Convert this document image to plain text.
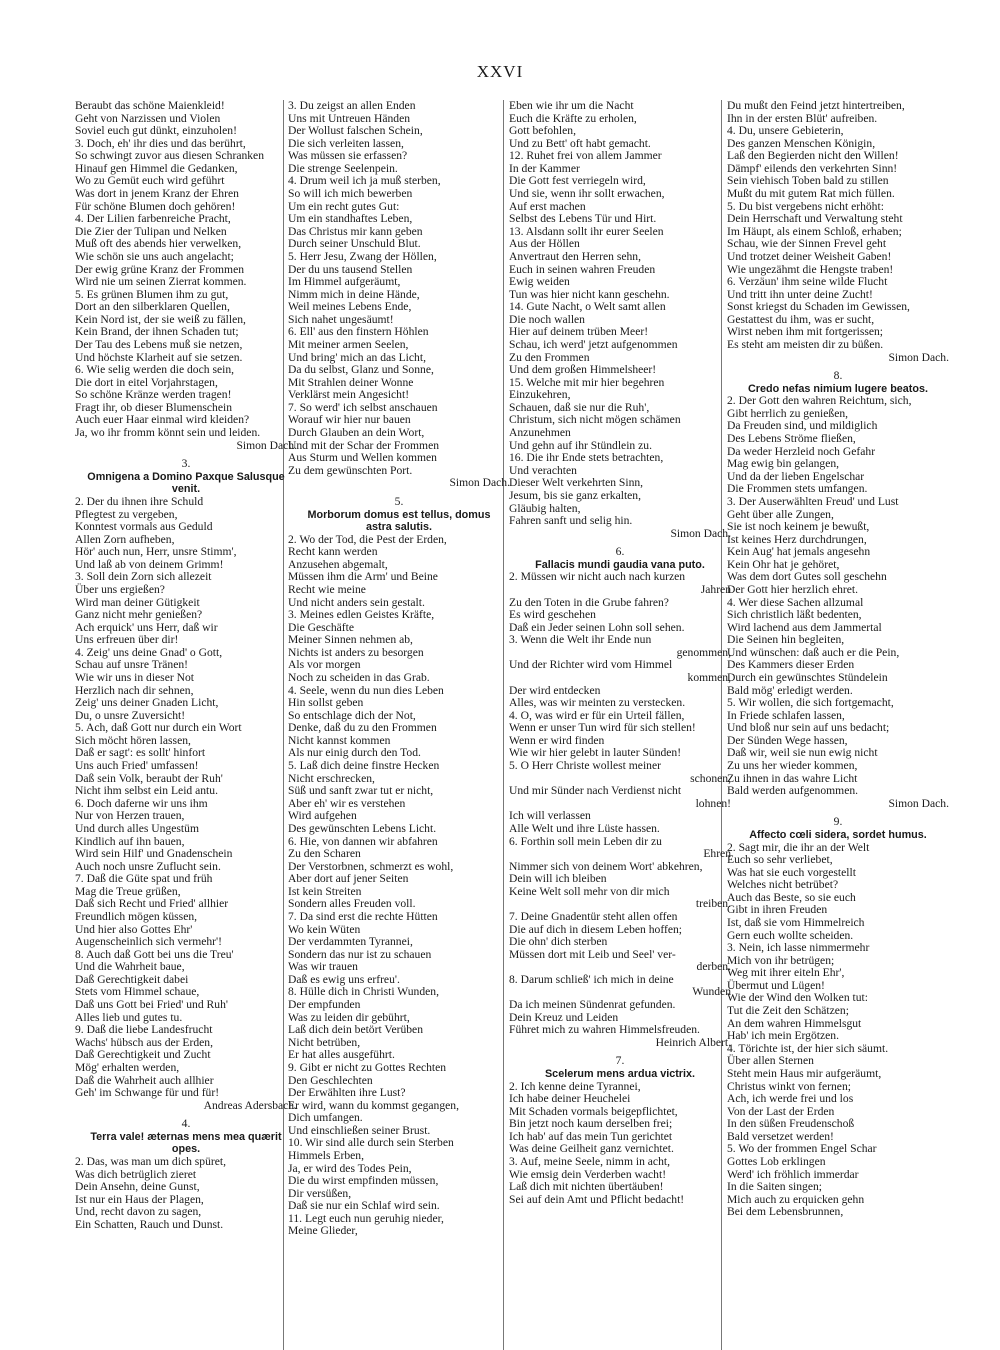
XXVI
Beraubt das schöne Maienkleid!
Geht von Narzissen und Violen
Soviel euch gut dünkt, einzuholen!
3. Doch, eh' ihr dies und das berührt,
So schwingt zuvor aus diesen Schranken
Hinauf gen Himmel die Gedanken,
Wo zu Gemüt euch wird geführt
Was dort in jenem Kranz der Ehren
Für schöne Blumen doch gehören!
4. Der Lilien farbenreiche Pracht,
Die Zier der Tulipan und Nelken
Muß oft des abends hier verwelken,
Wie schön sie uns auch angelacht;
Der ewig grüne Kranz der Frommen
Wird nie um seinen Zierrat kommen.
5. Es grünen Blumen ihm zu gut,
Dort an den silberklaren Quellen,
Kein Nord ist, der sie weiß zu fällen,
Kein Brand, der ihnen Schaden tut;
Der Tau des Lebens muß sie netzen,
Und höchste Klarheit auf sie setzen.
6. Wie selig werden die doch sein,
Die dort in eitel Vorjahrstagen,
So schöne Kränze werden tragen!
Fragt ihr, ob dieser Blumenschein
Auch euer Haar einmal wird kleiden?
Ja, wo ihr fromm könnt sein und leiden.
Simon Dach.
3.
Omnigena a Domino Paxque Salusque
venit.
2. Der du ihnen ihre Schuld
Pflegtest zu vergeben,
Konntest vormals aus Geduld
Allen Zorn aufheben,
Hör' auch nun, Herr, unsre Stimm',
Und laß ab von deinem Grimm!
3. Soll dein Zorn sich allezeit
Über uns ergießen?
Wird man deiner Gütigkeit
Ganz nicht mehr genießen?
Ach erquick' uns Herr, daß wir
Uns erfreuen über dir!
4. Zeig' uns deine Gnad' o Gott,
Schau auf unsre Tränen!
Wie wir uns in dieser Not
Herzlich nach dir sehnen,
Zeig' uns deiner Gnaden Licht,
Du, o unsre Zuversicht!
5. Ach, daß Gott nur durch ein Wort
Sich möcht hören lassen,
Daß er sagt': es sollt' hinfort
Uns auch Fried' umfassen!
Daß sein Volk, beraubt der Ruh'
Nicht ihm selbst ein Leid antu.
6. Doch daferne wir uns ihm
Nur von Herzen trauen,
Und durch alles Ungestüm
Kindlich auf ihn bauen,
Wird sein Hilf' und Gnadenschein
Auch noch unsre Zuflucht sein.
7. Daß die Güte spat und früh
Mag die Treue grüßen,
Daß sich Recht und Fried' allhier
Freundlich mögen küssen,
Und hier also Gottes Ehr'
Augenscheinlich sich vermehr'!
8. Auch daß Gott bei uns die Treu'
Und die Wahrheit baue,
Daß Gerechtigkeit dabei
Stets vom Himmel schaue,
Daß uns Gott bei Fried' und Ruh'
Alles lieb und gutes tu.
9. Daß die liebe Landesfrucht
Wachs' hübsch aus der Erden,
Daß Gerechtigkeit und Zucht
Mög' erhalten werden,
Daß die Wahrheit auch allhier
Geh' im Schwange für und für!
Andreas Adersbach.
4.
Terra vale! æternas mens mea quærit
opes.
2. Das, was man um dich spüret,
Was dich betrüglich zieret
Dein Ansehn, deine Gunst,
Ist nur ein Haus der Plagen,
Und, recht davon zu sagen,
Ein Schatten, Rauch und Dunst.
3. Du zeigst an allen Enden
Uns mit Untreuen Händen
Der Wollust falschen Schein,
Die sich verleiten lassen,
Was müssen sie erfassen?
Die strenge Seelenpein.
4. Drum weil ich ja muß sterben,
So will ich mich bewerben
Um ein recht gutes Gut:
Um ein standhaftes Leben,
Das Christus mir kann geben
Durch seiner Unschuld Blut.
5. Herr Jesu, Zwang der Höllen,
Der du uns tausend Stellen
Im Himmel aufgeräumt,
Nimm mich in deine Hände,
Weil meines Lebens Ende,
Sich nahet ungesäumt!
6. Ell' aus den finstern Höhlen
Mit meiner armen Seelen,
Und bring' mich an das Licht,
Da du selbst, Glanz und Sonne,
Mit Strahlen deiner Wonne
Verklärst mein Angesicht!
7. So werd' ich selbst anschauen
Worauf wir hier nur bauen
Durch Glauben an dein Wort,
Und mit der Schar der Frommen
Aus Sturm und Wellen kommen
Zu dem gewünschten Port.
Simon Dach.
5.
Morborum domus est tellus, domus
astra salutis.
2. Wo der Tod, die Pest der Erden,
Recht kann werden
Anzusehen abgemalt,
Müssen ihm die Arm' und Beine
Recht wie meine
Und nicht anders sein gestalt.
3. Meines edlen Geistes Kräfte,
Die Geschäfte
Meiner Sinnen nehmen ab,
Nichts ist anders zu besorgen
Als vor morgen
Noch zu scheiden in das Grab.
4. Seele, wenn du nun dies Leben
Hin sollst geben
So entschlage dich der Not,
Denke, daß du zu den Frommen
Nicht kannst kommen
Als nur einig durch den Tod.
5. Laß dich deine finstre Hecken
Nicht erschrecken,
Süß und sanft zwar tut er nicht,
Aber eh' wir es verstehen
Wird aufgehen
Des gewünschten Lebens Licht.
6. Hie, von dannen wir abfahren
Zu den Scharen
Der Verstorbnen, schmerzt es wohl,
Aber dort auf jener Seiten
Ist kein Streiten
Sondern alles Freuden voll.
7. Da sind erst die rechte Hütten
Wo kein Wüten
Der verdammten Tyrannei,
Sondern das nur ist zu schauen
Was wir trauen
Daß es ewig uns erfreu'.
8. Hülle dich in Christi Wunden,
Der empfunden
Was zu leiden dir gebührt,
Laß dich dein betört Verüben
Nicht betrüben,
Er hat alles ausgeführt.
9. Gibt er nicht zu Gottes Rechten
Den Geschlechten
Der Erwählten ihre Lust?
Er wird, wann du kommst gegangen,
Dich umfangen.
Und einschließen seiner Brust.
10. Wir sind alle durch sein Sterben
Himmels Erben,
Ja, er wird des Todes Pein,
Die du wirst empfinden müssen,
Dir versüßen,
Daß sie nur ein Schlaf wird sein.
11. Legt euch nun geruhig nieder,
Meine Glieder,
Eben wie ihr um die Nacht
Euch die Kräfte zu erholen,
Gott befohlen,
Und zu Bett' oft habt gemacht.
12. Ruhet frei von allem Jammer
In der Kammer
Die Gott fest verriegeln wird,
Und sie, wenn ihr sollt erwachen,
Auf erst machen
Selbst des Lebens Tür und Hirt.
13. Alsdann sollt ihr eurer Seelen
Aus der Höllen
Anvertraut den Herren sehn,
Euch in seinen wahren Freuden
Ewig weiden
Tun was hier nicht kann geschehn.
14. Gute Nacht, o Welt samt allen
Die noch wallen
Hier auf deinem trüben Meer!
Schau, ich werd' jetzt aufgenommen
Zu den Frommen
Und dem großen Himmelsheer!
15. Welche mit mir hier begehren
Einzukehren,
Schauen, daß sie nur die Ruh',
Christum, sich nicht mögen schämen
Anzunehmen
Und gehn auf ihr Stündlein zu.
16. Die ihr Ende stets betrachten,
Und verachten
Dieser Welt verkehrten Sinn,
Jesum, bis sie ganz erkalten,
Gläubig halten,
Fahren sanft und selig hin.
Simon Dach.
6.
Fallacis mundi gaudia vana puto.
2. Müssen wir nicht auch nach kurzen
Jahren
Zu den Toten in die Grube fahren?
Es wird geschehen
Daß ein Jeder seinen Lohn soll sehen.
3. Wenn die Welt ihr Ende nun
genommen,
Und der Richter wird vom Himmel
kommen,
Der wird entdecken
Alles, was wir meinten zu verstecken.
4. O, was wird er für ein Urteil fällen,
Wenn er unser Tun wird für sich stellen!
Wenn er wird finden
Wie wir hier gelebt in lauter Sünden!
5. O Herr Christe wollest meiner
schonen,
Und mir Sünder nach Verdienst nicht
lohnen!
Ich will verlassen
Alle Welt und ihre Lüste hassen.
6. Forthin soll mein Leben dir zu
Ehren
Nimmer sich von deinem Wort' abkehren,
Dein will ich bleiben
Keine Welt soll mehr von dir mich
treiben.
7. Deine Gnadentür steht allen offen
Die auf dich in diesem Leben hoffen;
Die ohn' dich sterben
Müssen dort mit Leib und Seel' ver-
derben.
8. Darum schließ' ich mich in deine
Wunden
Da ich meinen Sündenrat gefunden.
Dein Kreuz und Leiden
Führet mich zu wahren Himmelsfreuden.
Heinrich Albert.
7.
Scelerum mens ardua victrix.
2. Ich kenne deine Tyrannei,
Ich habe deiner Heuchelei
Mit Schaden vormals beigepflichtet,
Bin jetzt noch kaum derselben frei;
Ich hab' auf das mein Tun gerichtet
Was deine Geilheit ganz vernichtet.
3. Auf, meine Seele, nimm in acht,
Wie emsig dein Verderben wacht!
Laß dich mit nichten übertäuben!
Sei auf dein Amt und Pflicht bedacht!
Du mußt den Feind jetzt hintertreiben,
Ihn in der ersten Blüt' aufreiben.
4. Du, unsere Gebieterin,
Des ganzen Menschen Königin,
Laß den Begierden nicht den Willen!
Dämpf' eilends den verkehrten Sinn!
Sein viehisch Toben bald zu stillen
Mußt du mit gutem Rat mich füllen.
5. Du bist vergebens nicht erhöht:
Dein Herrschaft und Verwaltung steht
Im Häupt, als einem Schloß, erhaben;
Schau, wie der Sinnen Frevel geht
Und trotzet deiner Weisheit Gaben!
Wie ungezähmt die Hengste traben!
6. Verzäun' ihm seine wilde Flucht
Und tritt ihn unter deine Zucht!
Sonst kriegst du Schaden im Gewissen,
Gestattest du ihm, was er sucht,
Wirst neben ihm mit fortgerissen;
Es steht am meisten dir zu büßen.
Simon Dach.
8.
Credo nefas nimium lugere beatos.
2. Der Gott den wahren Reichtum, sich,
Gibt herrlich zu genießen,
Da Freuden sind, und mildiglich
Des Lebens Ströme fließen,
Da weder Herzleid noch Gefahr
Mag ewig bin gelangen,
Und da der lieben Engelschar
Die Frommen stets umfangen.
3. Der Auserwählten Freud' und Lust
Geht über alle Zungen,
Sie ist noch keinem je bewußt,
Ist keines Herz durchdrungen,
Kein Aug' hat jemals angesehn
Kein Ohr hat je gehöret,
Was dem dort Gutes soll geschehn
Der Gott hier herzlich ehret.
4. Wer diese Sachen allzumal
Sich christlich läßt bedenten,
Wird lachend aus dem Jammertal
Die Seinen hin begleiten,
Und wünschen: daß auch er die Pein,
Des Kammers dieser Erden
Durch ein gewünschtes Stündelein
Bald mög' erledigt werden.
5. Wir wollen, die sich fortgemacht,
In Friede schlafen lassen,
Und bloß nur sein auf uns bedacht;
Der Sünden Wege hassen,
Daß wir, weil sie nun ewig nicht
Zu uns her wieder kommen,
Zu ihnen in das wahre Licht
Bald werden aufgenommen.
Simon Dach.
9.
Affecto cœli sidera, sordet humus.
2. Sagt mir, die ihr an der Welt
Euch so sehr verliebet,
Was hat sie euch vorgestellt
Welches nicht betrübet?
Auch das Beste, so sie euch
Gibt in ihren Freuden
Ist, daß sie vom Himmelreich
Gern euch wollte scheiden.
3. Nein, ich lasse nimmermehr
Mich von ihr betrügen;
Weg mit ihrer eiteln Ehr',
Übermut und Lügen!
Wie der Wind den Wolken tut:
Tut die Zeit den Schätzen;
An dem wahren Himmelsgut
Hab' ich mein Ergötzen.
4. Törichte ist, der hier sich säumt.
Über allen Sternen
Steht mein Haus mir aufgeräumt,
Christus winkt von fernen;
Ach, ich werde frei und los
Von der Last der Erden
In den süßen Freudenschoß
Bald versetzet werden!
5. Wo der frommen Engel Schar
Gottes Lob erklingen
Werd' ich fröhlich immerdar
In die Saiten singen;
Mich auch zu erquicken gehn
Bei dem Lebensbrunnen,
